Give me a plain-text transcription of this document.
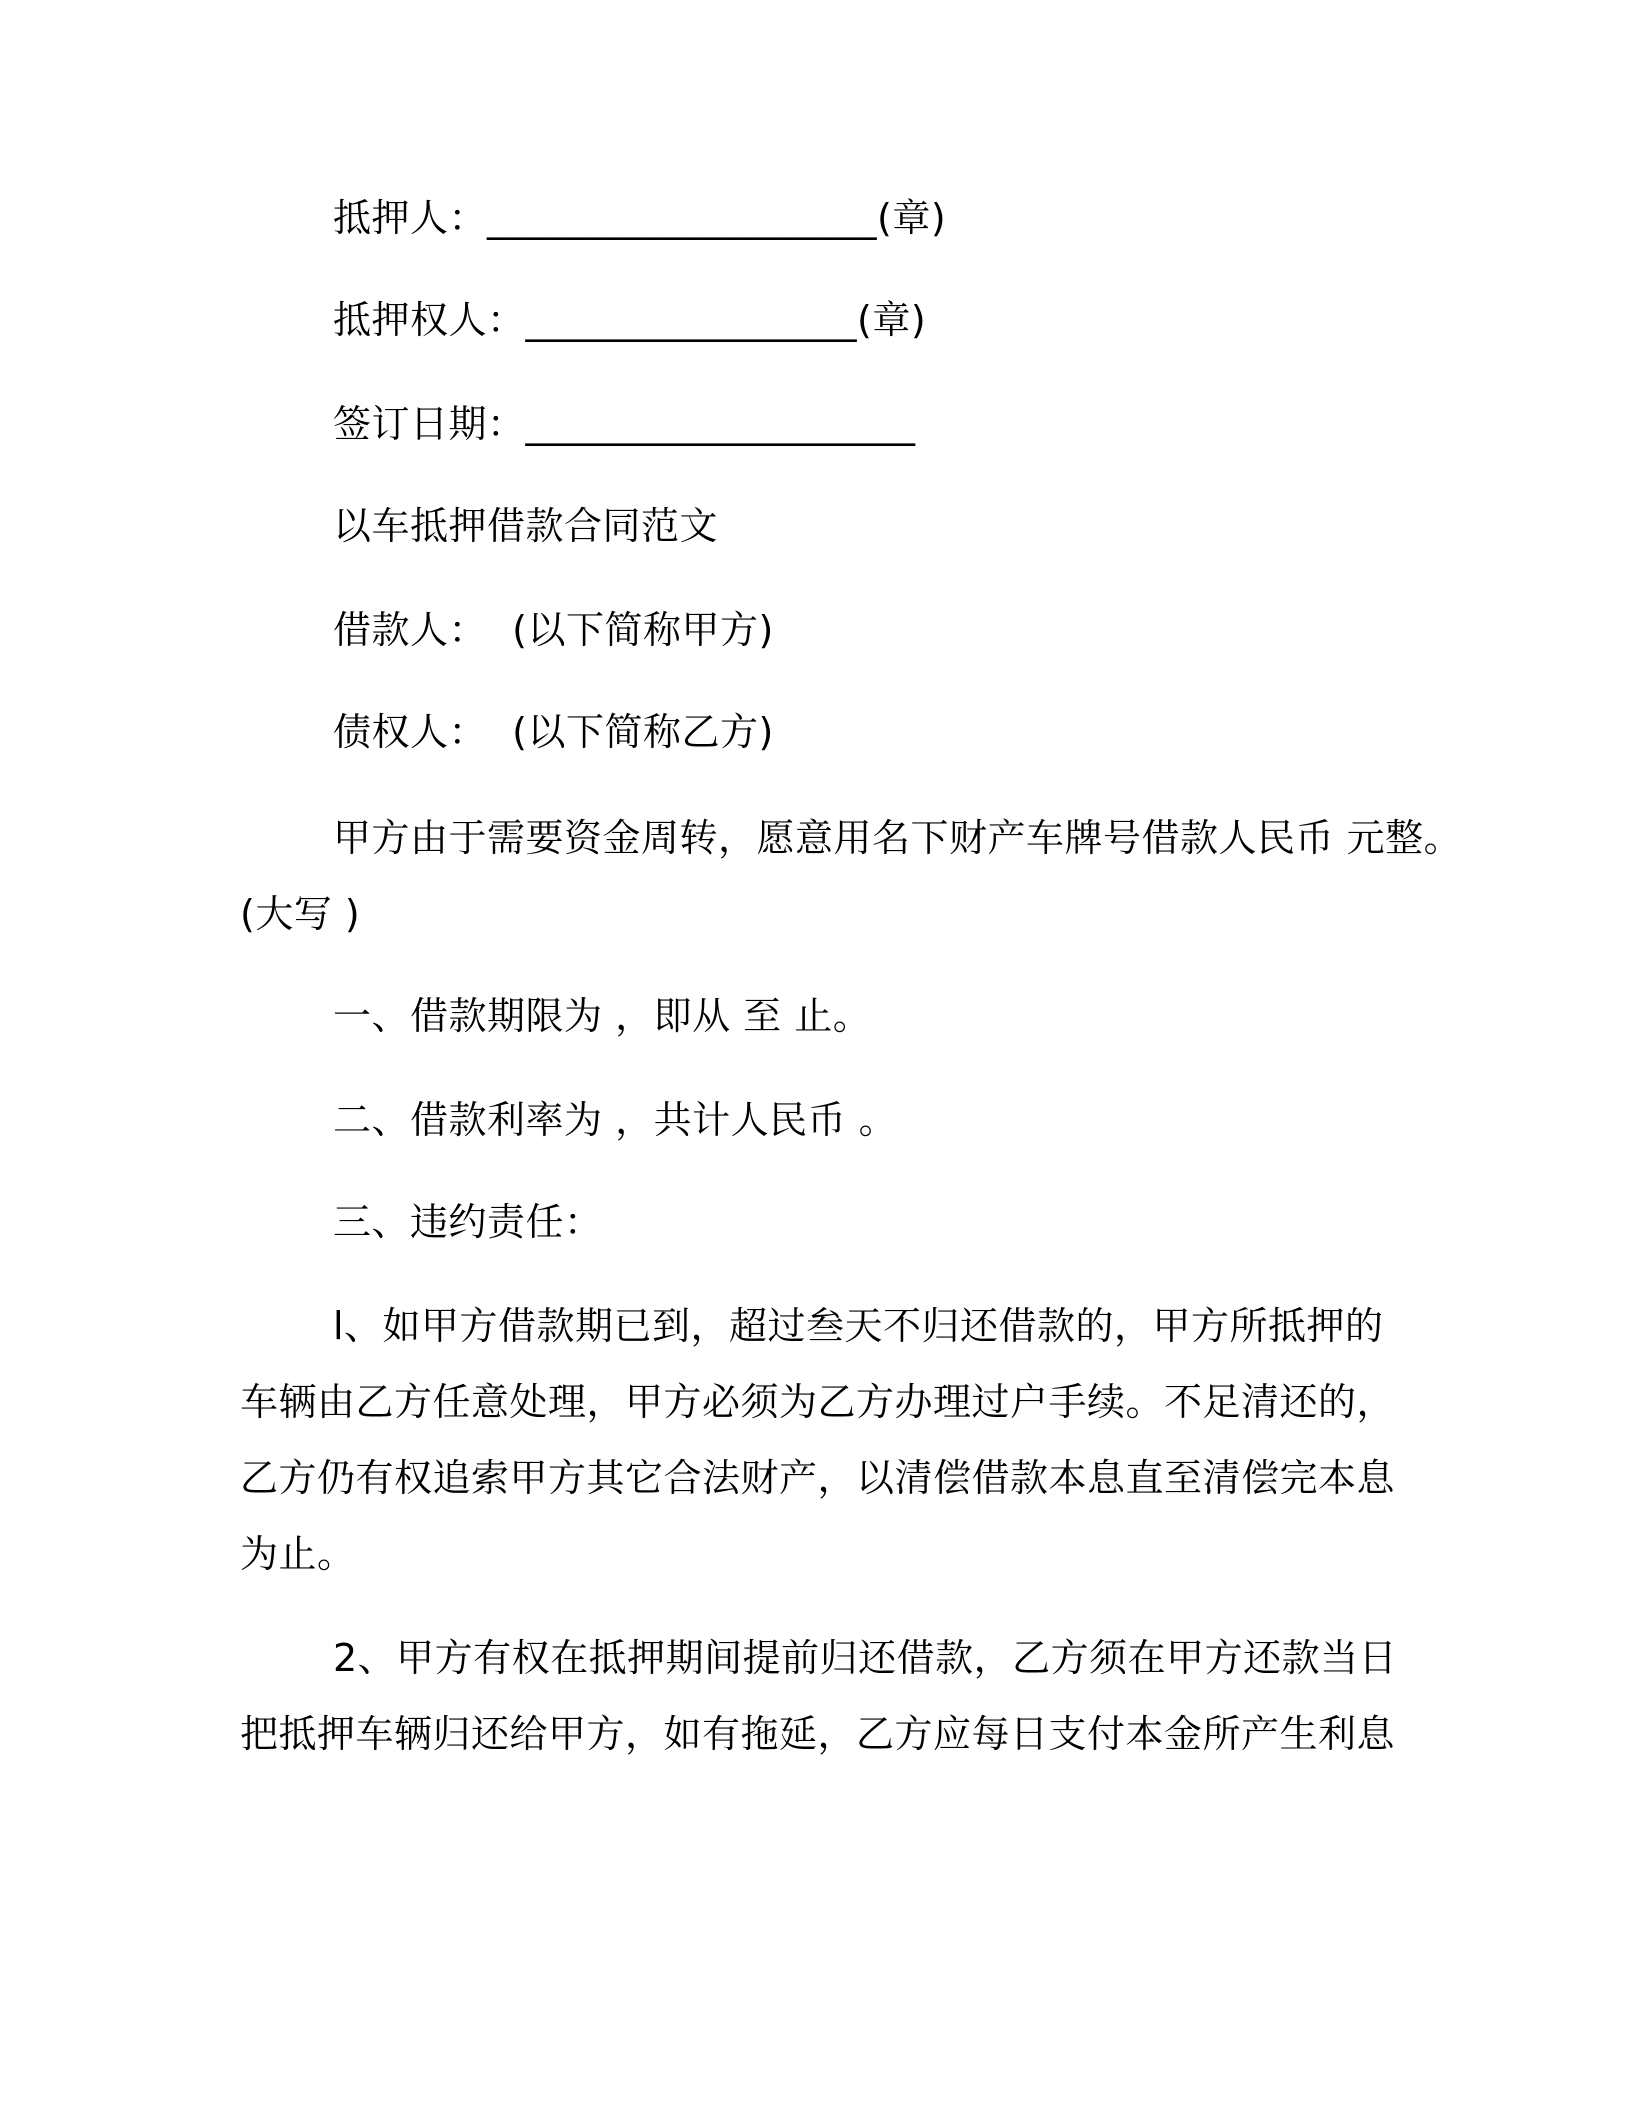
抵押人：____________________(章)
抵押权人：_________________(章)
签订日期：____________________
以车抵押借款合同范文
借款人：  (以下简称甲方)
债权人：  (以下简称乙方)
甲方由于需要资金周转，愿意用名下财产车牌号借款人民币 元整。
(大写 )
一、借款期限为 ，即从 至 止。
二、借款利率为 ，共计人民币 。
三、违约责任：
l、如甲方借款期已到，超过叁天不归还借款的，甲方所抵押的
车辆由乙方任意处理，甲方必须为乙方办理过户手续。不足清还的，
乙方仍有权追索甲方其它合法财产，以清偿借款本息直至清偿完本息
为止。
2、甲方有权在抵押期间提前归还借款，乙方须在甲方还款当日
把抵押车辆归还给甲方，如有拖延，乙方应每日支付本金所产生利息
